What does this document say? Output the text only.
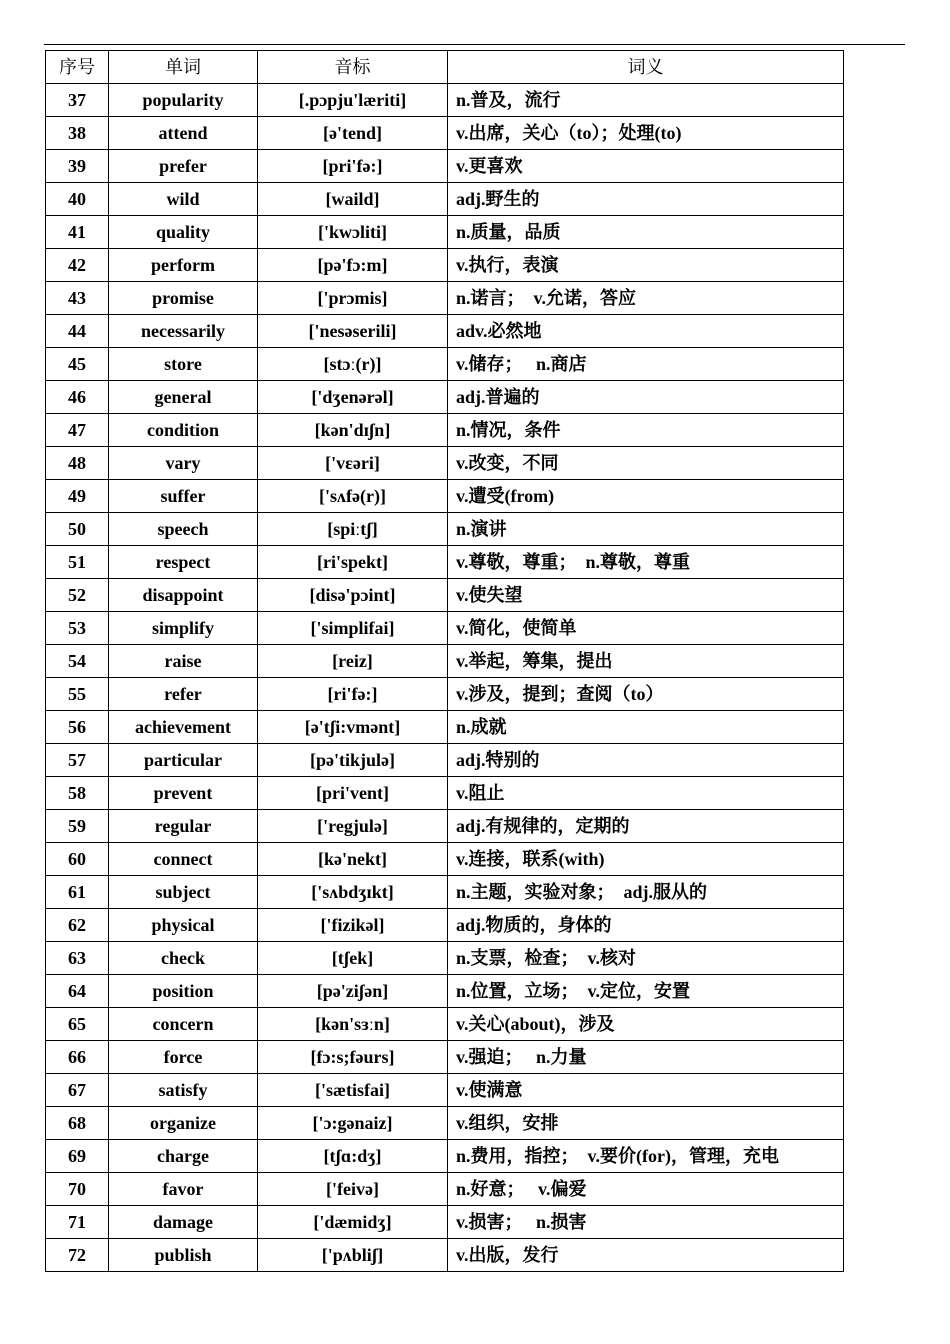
序号	单词	音标	词义
37	popularity	[.pɔpju'læriti]	n.普及，流行
38	attend	[ə'tend]	v.出席，关心（to）；处理(to)
39	prefer	[pri'fə:]	v.更喜欢
40	wild	[waild]	adj.野生的
41	quality	['kwɔliti]	n.质量，品质
42	perform	[pə'fɔ:m]	v.执行，表演
43	promise	['prɔmis]	n.诺言；　v.允诺，答应
44	necessarily	['nesəserili]	adv.必然地
45	store	[stɔː(r)]	v.储存；　 n.商店
46	general	['dʒenərəl]	adj.普遍的
47	condition	[kən'dɪʃn]	n.情况，条件
48	vary	['vɛəri]	v.改变，不同
49	suffer	['sʌfə(r)]	v.遭受(from)
50	speech	[spiːtʃ]	n.演讲
51	respect	[ri'spekt]	v.尊敬，尊重；　n.尊敬，尊重
52	disappoint	[disə'pɔint]	v.使失望
53	simplify	['simplifai]	v.简化，使简单
54	raise	[reiz]	v.举起，筹集，提出
55	refer	[ri'fə:]	v.涉及，提到；查阅（to）
56	achievement	[ə'tʃi:vmənt]	n.成就
57	particular	[pə'tikjulə]	adj.特别的
58	prevent	[pri'vent]	v.阻止
59	regular	['regjulə]	adj.有规律的，定期的
60	connect	[kə'nekt]	v.连接，联系(with)
61	subject	['sʌbdʒɪkt]	n.主题，实验对象；　adj.服从的
62	physical	['fizikəl]	adj.物质的，身体的
63	check	[tʃek]	n.支票，检查；　v.核对
64	position	[pə'ziʃən]	n.位置，立场；　v.定位，安置
65	concern	[kən'sɜːn]	v.关心(about)，涉及
66	force	[fɔ:s;fəurs]	v.强迫；　 n.力量
67	satisfy	['sætisfai]	v.使满意
68	organize	['ɔ:gənaiz]	v.组织，安排
69	charge	[tʃɑ:dʒ]	n.费用，指控；　v.要价(for)，管理，充电
70	favor	['feivə]	n.好意；　 v.偏爱
71	damage	['dæmidʒ]	v.损害；　 n.损害
72	publish	['pʌbliʃ]	v.出版，发行
